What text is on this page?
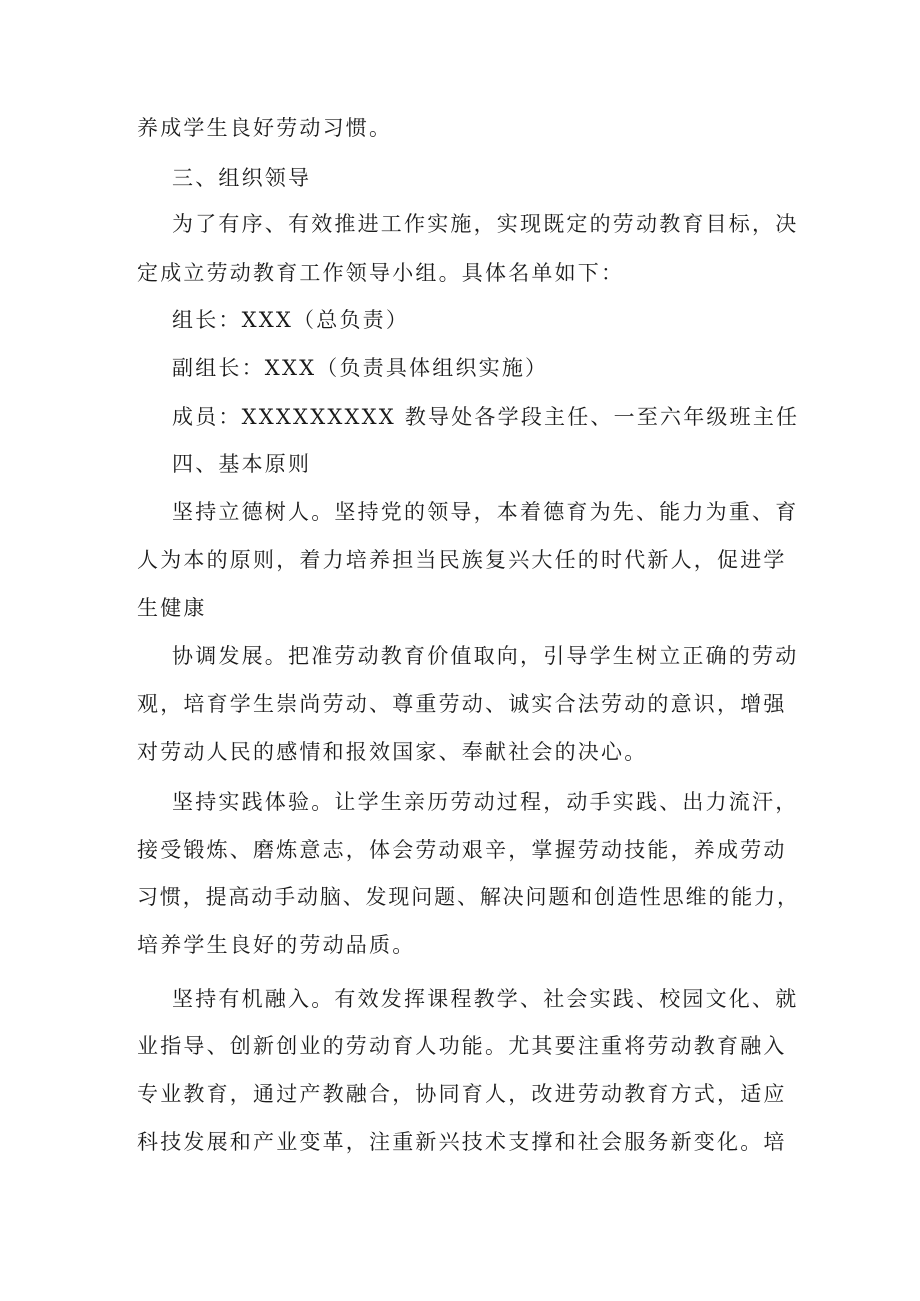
养成学生良好劳动习惯。
三、组织领导
为了有序、有效推进工作实施，实现既定的劳动教育目标，决
定成立劳动教育工作领导小组。具体名单如下：
组长：XXX（总负责）
副组长：XXX（负责具体组织实施）
成员：XXXXXXXXX 教导处各学段主任、一至六年级班主任
四、基本原则
坚持立德树人。坚持党的领导，本着德育为先、能力为重、育
人为本的原则，着力培养担当民族复兴大任的时代新人，促进学
生健康
协调发展。把准劳动教育价值取向，引导学生树立正确的劳动
观，培育学生崇尚劳动、尊重劳动、诚实合法劳动的意识，增强
对劳动人民的感情和报效国家、奉献社会的决心。
坚持实践体验。让学生亲历劳动过程，动手实践、出力流汗，
接受锻炼、磨炼意志，体会劳动艰辛，掌握劳动技能，养成劳动
习惯，提高动手动脑、发现问题、解决问题和创造性思维的能力，
培养学生良好的劳动品质。
坚持有机融入。有效发挥课程教学、社会实践、校园文化、就
业指导、创新创业的劳动育人功能。尤其要注重将劳动教育融入
专业教育，通过产教融合，协同育人，改进劳动教育方式，适应
科技发展和产业变革，注重新兴技术支撑和社会服务新变化。培
